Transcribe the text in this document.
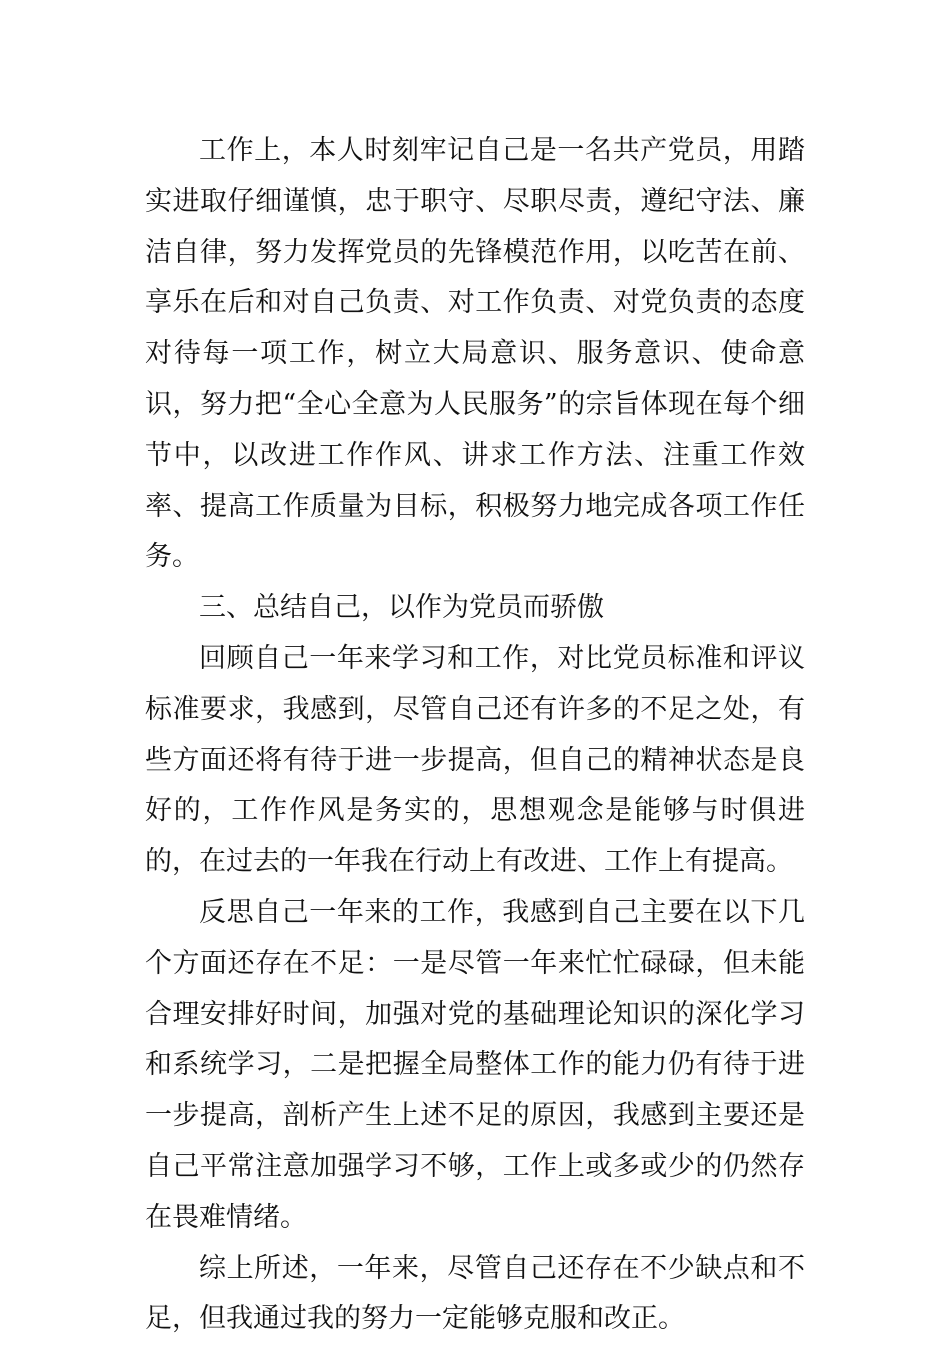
工作上，本人时刻牢记自己是一名共产党员，用踏实进取仔细谨慎，忠于职守、尽职尽责，遵纪守法、廉洁自律，努力发挥党员的先锋模范作用，以吃苦在前、享乐在后和对自己负责、对工作负责、对党负责的态度对待每一项工作，树立大局意识、服务意识、使命意识，努力把“全心全意为人民服务”的宗旨体现在每个细节中，以改进工作作风、讲求工作方法、注重工作效率、提高工作质量为目标，积极努力地完成各项工作任务。

三、总结自己，以作为党员而骄傲

回顾自己一年来学习和工作，对比党员标准和评议标准要求，我感到，尽管自己还有许多的不足之处，有些方面还将有待于进一步提高，但自己的精神状态是良好的，工作作风是务实的，思想观念是能够与时俱进的，在过去的一年我在行动上有改进、工作上有提高。

反思自己一年来的工作，我感到自己主要在以下几个方面还存在不足：一是尽管一年来忙忙碌碌，但未能合理安排好时间，加强对党的基础理论知识的深化学习和系统学习，二是把握全局整体工作的能力仍有待于进一步提高，剖析产生上述不足的原因，我感到主要还是自己平常注意加强学习不够，工作上或多或少的仍然存在畏难情绪。

综上所述，一年来，尽管自己还存在不少缺点和不足，但我通过我的努力一定能够克服和改正。
